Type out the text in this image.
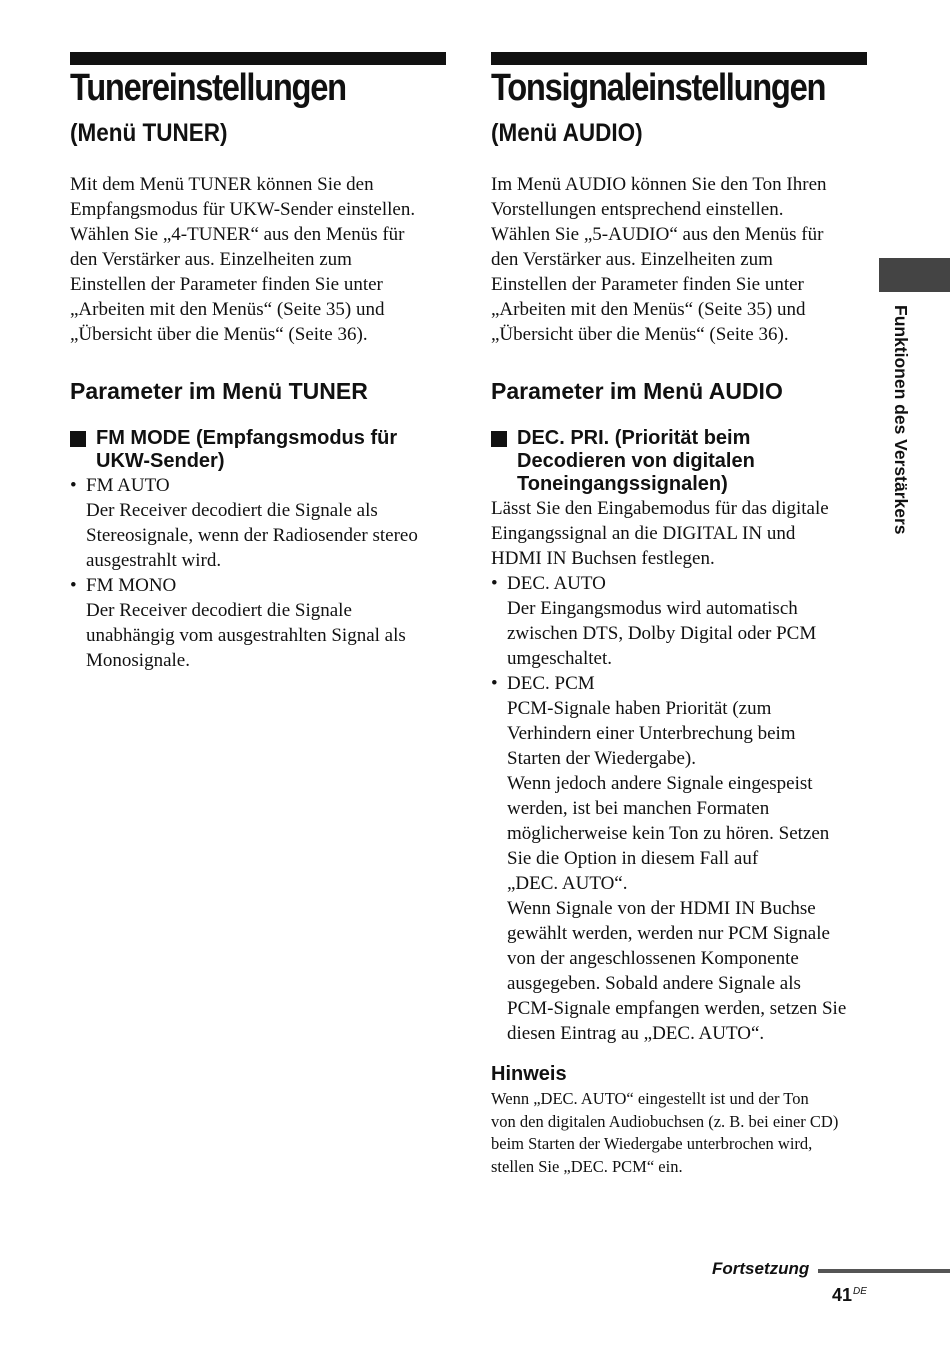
Tunereinstellungen
(Menü TUNER)
Mit dem Menü TUNER können Sie den
Empfangsmodus für UKW-Sender einstellen.
Wählen Sie „4-TUNER“ aus den Menüs für
den Verstärker aus. Einzelheiten zum
Einstellen der Parameter finden Sie unter
„Arbeiten mit den Menüs“ (Seite 35) und
„Übersicht über die Menüs“ (Seite 36).
Parameter im Menü TUNER
FM MODE (Empfangsmodus für
UKW-Sender)
• FM AUTO

Der Receiver decodiert die Signale als

Stereosignale, wenn der Radiosender stereo

ausgestrahlt wird.

• FM MONO

Der Receiver decodiert die Signale

unabhängig vom ausgestrahlten Signal als

Monosignale.

Tonsignaleinstellungen
(Menü AUDIO)
Im Menü AUDIO können Sie den Ton Ihren
Vorstellungen entsprechend einstellen.
Wählen Sie „5-AUDIO“ aus den Menüs für
den Verstärker aus. Einzelheiten zum
Einstellen der Parameter finden Sie unter
„Arbeiten mit den Menüs“ (Seite 35) und
„Übersicht über die Menüs“ (Seite 36).
Parameter im Menü AUDIO
DEC. PRI. (Priorität beim
Decodieren von digitalen
Toneingangssignalen)
Lässt Sie den Eingabemodus für das digitale
Eingangssignal an die DIGITAL IN und
HDMI IN Buchsen festlegen.
• DEC. AUTO

Der Eingangsmodus wird automatisch

zwischen DTS, Dolby Digital oder PCM

umgeschaltet.

• DEC. PCM

PCM-Signale haben Priorität (zum

Verhindern einer Unterbrechung beim

Starten der Wiedergabe).

Wenn jedoch andere Signale eingespeist

werden, ist bei manchen Formaten

möglicherweise kein Ton zu hören. Setzen

Sie die Option in diesem Fall auf

„DEC. AUTO“.

Wenn Signale von der HDMI IN Buchse

gewählt werden, werden nur PCM Signale

von der angeschlossenen Komponente

ausgegeben. Sobald andere Signale als

PCM-Signale empfangen werden, setzen Sie

diesen Eintrag au „DEC. AUTO“.

Hinweis
Wenn „DEC. AUTO“ eingestellt ist und der Ton
von den digitalen Audiobuchsen (z. B. bei einer CD)
beim Starten der Wiedergabe unterbrochen wird,
stellen Sie „DEC. PCM“ ein.
Funktionen des Verstärkers
Fortsetzung
41DE
